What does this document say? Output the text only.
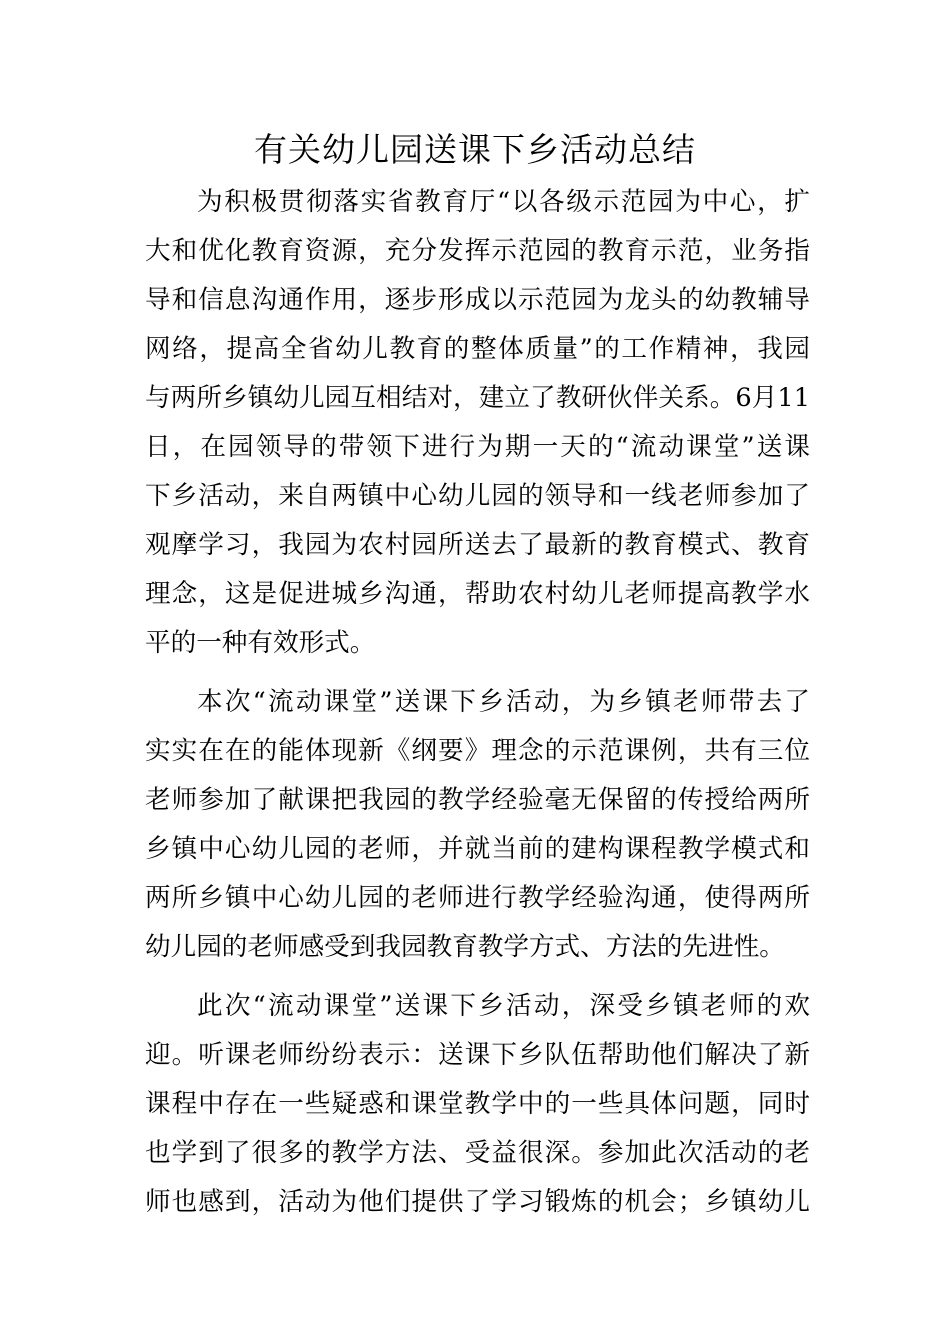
有关幼儿园送课下乡活动总结
为积极贯彻落实省教育厅“以各级示范园为中心，扩
大和优化教育资源，充分发挥示范园的教育示范，业务指
导和信息沟通作用，逐步形成以示范园为龙头的幼教辅导
网络，提高全省幼儿教育的整体质量”的工作精神，我园
与两所乡镇幼儿园互相结对，建立了教研伙伴关系。6月11
日，在园领导的带领下进行为期一天的“流动课堂”送课
下乡活动，来自两镇中心幼儿园的领导和一线老师参加了
观摩学习，我园为农村园所送去了最新的教育模式、教育
理念，这是促进城乡沟通，帮助农村幼儿老师提高教学水
平的一种有效形式。
本次“流动课堂”送课下乡活动，为乡镇老师带去了
实实在在的能体现新《纲要》理念的示范课例，共有三位
老师参加了献课把我园的教学经验毫无保留的传授给两所
乡镇中心幼儿园的老师，并就当前的建构课程教学模式和
两所乡镇中心幼儿园的老师进行教学经验沟通，使得两所
幼儿园的老师感受到我园教育教学方式、方法的先进性。
此次“流动课堂”送课下乡活动，深受乡镇老师的欢
迎。听课老师纷纷表示：送课下乡队伍帮助他们解决了新
课程中存在一些疑惑和课堂教学中的一些具体问题，同时
也学到了很多的教学方法、受益很深。参加此次活动的老
师也感到，活动为他们提供了学习锻炼的机会；乡镇幼儿
